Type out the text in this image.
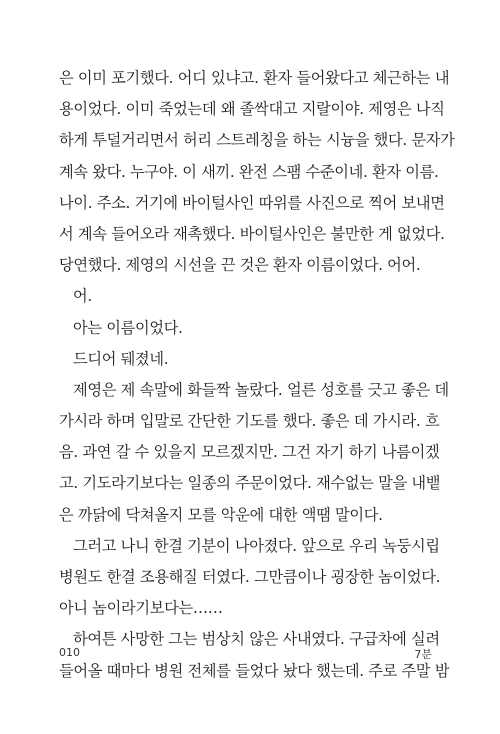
은 이미 포기했다. 어디 있냐고. 환자 들어왔다고 체근하는 내
용이었다. 이미 죽었는데 왜 졸싹대고 지랄이야. 제영은 나직
하게 투덜거리면서 허리 스트레칭을 하는 시늉을 했다. 문자가
계속 왔다. 누구야. 이 새끼. 완전 스팸 수준이네. 환자 이름.
나이. 주소. 거기에 바이털사인 따위를 사진으로 찍어 보내면
서 계속 들어오라 재촉했다. 바이털사인은 불만한 게 없었다.
당연했다. 제영의 시선을 끈 것은 환자 이름이었다. 어어.
어.
아는 이름이었다.
드디어 뒈졌네.
제영은 제 속말에 화들짝 놀랐다. 얼른 성호를 긋고 좋은 데
가시라 하며 입말로 간단한 기도를 했다. 좋은 데 가시라. 흐
음. 과연 갈 수 있을지 모르겠지만. 그건 자기 하기 나름이겠
고. 기도라기보다는 일종의 주문이었다. 재수없는 말을 내뱉
은 까닭에 닥쳐올지 모를 악운에 대한 액땜 말이다.
그러고 나니 한결 기분이 나아졌다. 앞으로 우리 녹둥시립
병원도 한결 조용해질 터였다. 그만큼이나 굉장한 놈이었다.
아니 놈이라기보다는……
하여튼 사망한 그는 범상치 않은 사내였다. 구급차에 실려
들어올 때마다 병원 전체를 들었다 놨다 했는데. 주로 주말 밤
010	7분
